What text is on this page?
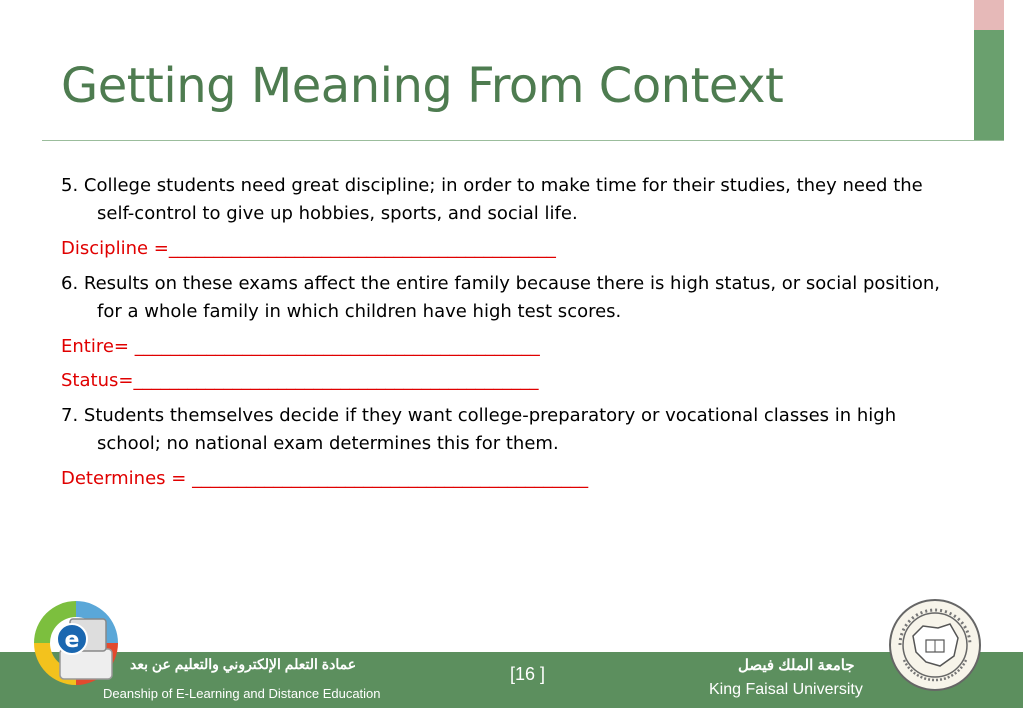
Getting Meaning From Context

5. College students need great discipline; in order to make time for their studies, they need the self-control to give up hobbies, sports, and social life.

Discipline =___________________________________________

6. Results on these exams affect the entire family because there is high status, or social position, for a whole family in which children have high test scores.

Entire= _____________________________________________

Status=_____________________________________________

7. Students themselves decide if they want college-preparatory or vocational classes in high school; no national exam determines this for them.

Determines = ____________________________________________

e
عمادة التعلم الإلكتروني والتعليم عن بعد
Deanship of E-Learning and Distance Education
[16 ]	جامعة الملك فيصل
King Faisal University
